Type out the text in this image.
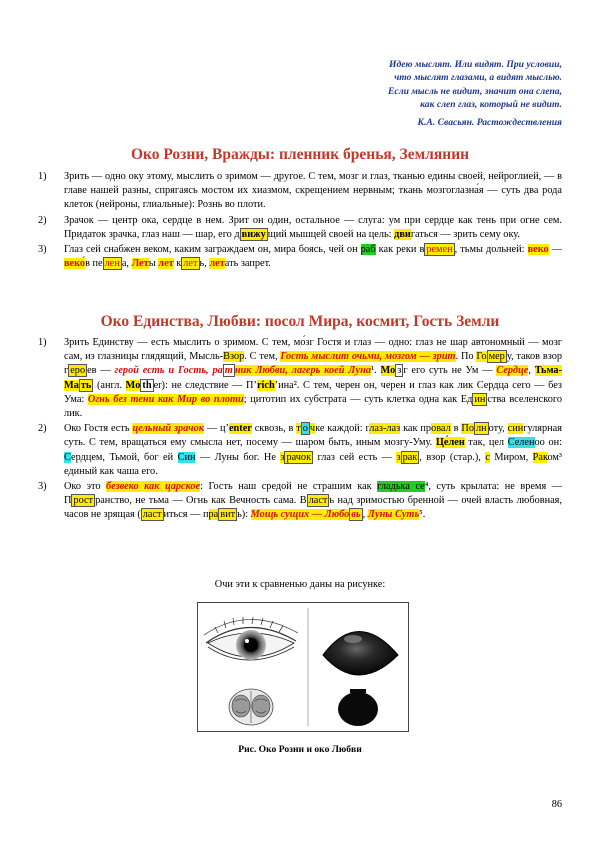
Идею мыслят. Или видят. При условии,
что мыслят глазами, а видят мыслью.
Если мысль не видит, значит она слепа,
как слеп глаз, который не видит.
К.А. Свасьян. Растождествления
Око Розни, Вражды: пленник бренья, Землянин
1) Зрить — одно оку этому, мыслить о зримом — другое. С тем, мозг и глаз, тканью едины своей, нейроглией, — в главе нашей разны, спрягаясь мостом их хиазмом, скрещением нервным; ткань мозгоглазна́я — суть два рода клеток (нейроны, глиальные): Рознь во плоти.
2) Зрачок — центр ока, сердце в нем. Зрит он один, остальное — слуга: ум при сердце как тень при огне сем. Придаток зрачка, глаз наш — шар, его д вижу щий мышцей своей на цель: двигаться — зрить сему оку.
3) Глаз сей снабжен веком, каким заграждаем он, мира боясь, чей он раб как реки в ремен , тьмы дольней: веко — веко́в пе лен а, Леты лет к лет ь, летать запрет.
Око Единства, Любви: посол Мира, космит, Гость Земли
1) Зрить Единству — есть мыслить о зримом. С тем, мо́зг Гостя и глаз — одно: глаз не шар автономный — мозг сам, из глазницы глядящий, Мысль-Взор. С тем, Гость мыслит очьми, мозгом — зрит. По Го мер у, таков взор г еро ев — герой есть и Гость, ра т ник Любви, лагерь коей Луна¹. Мо з г его суть не Ум — Сердце, Тьма-Ма ть (англ. Mo th er): не следствие — П’rich’ина². С тем, черен он, черен и глаз как лик Сердца сего — без Ума: Огнь без тени как Мир во плоти; цитотип их субстрата — суть клетка одна как Ед ин ства вселенского лик.
2) Око Гостя есть цельный зрачок — ц’enter сквозь, в т о чке каждой: глаз-лаз как провал в По лн оту, сингулярная суть. С тем, вращаться ему смысла нет, посему — шаром быть, иным мозгу-Уму. Це́лен так, цел Селеноо он: Сердцем, Тьмой, бог ей Син — Луны бог. Не з рачок глаз сей есть — з рак , взор (стар.), с Миром, Раком³ единый как чаша его.
3) Око это безвеко как царское: Гость наш средой не страшим как гладька се⁴, суть крылата: не время — П рост ранство, не тьма — Огнь как Вечность сама. В ласт ь над зримостью бренной — очей власть любовная, часов не зрящая ( ласт иться — пра вит ь): Мощь сущих — Любо вь , Луны Суть⁵.
Очи эти к сравненью даны на рисунке:
Рис. Око Розни и око Любви
86
